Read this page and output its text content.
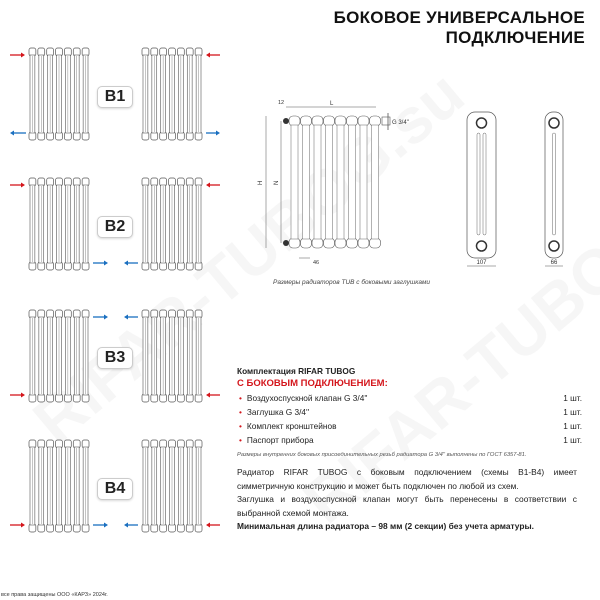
БОКОВОЕ УНИВЕРСАЛЬНОЕ
ПОДКЛЮЧЕНИЕ
L
12
H N
46
G 3/4''
107	66
B1
B2
B3
B4
Размеры радиаторов TUB с боковыми заглушками
Комплектация RIFAR TUBOG
С БОКОВЫМ ПОДКЛЮЧЕНИЕМ:
• Воздухоспускной клапан G 3/4''	1 шт.
• Заглушка G 3/4''	1 шт.
• Комплект кронштейнов	1 шт.
• Паспорт прибора	1 шт.
Размеры внутренних боковых присоединительных резьб радиатора G 3/4'' выполнены по ГОСТ 6357-81.
Радиатор RIFAR TUBOG с боковым подключением (схемы B1-B4) имеет симметричную конструкцию и может быть подключен по любой из схем.
Заглушка и воздухоспускной клапан могут быть перенесены в соответствии с выбранной схемой монтажа.
Минимальная длина радиатора – 98 мм (2 секции) без учета арматуры.
все права защищены ООО «КАРЗ» 2024г.
